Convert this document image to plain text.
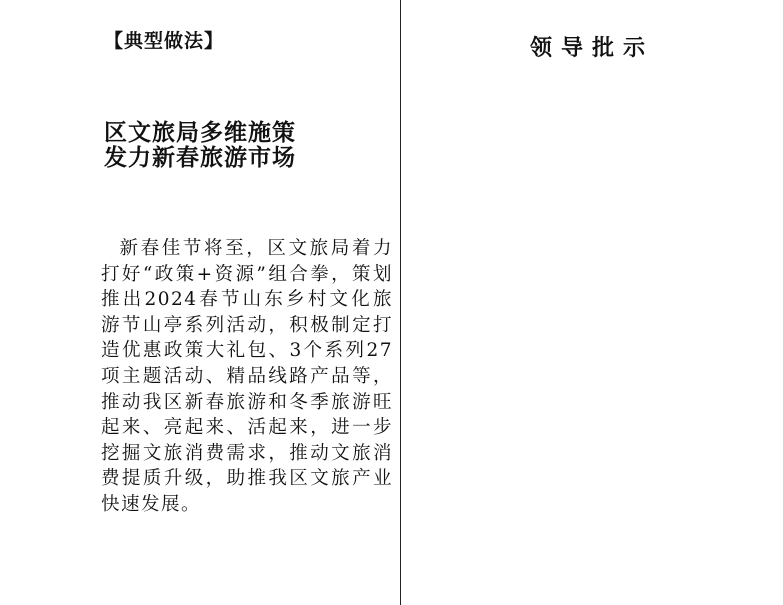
【典型做法】
区文旅局多维施策
发力新春旅游市场

新春佳节将至，区文旅局着力打好“政策+资源”组合拳，策划推出2024春节山东乡村文化旅游节山亭系列活动，积极制定打造优惠政策大礼包、3个系列27项主题活动、精品线路产品等，推动我区新春旅游和冬季旅游旺起来、亮起来、活起来，进一步挖掘文旅消费需求，推动文旅消费提质升级，助推我区文旅产业快速发展。

领导批示
